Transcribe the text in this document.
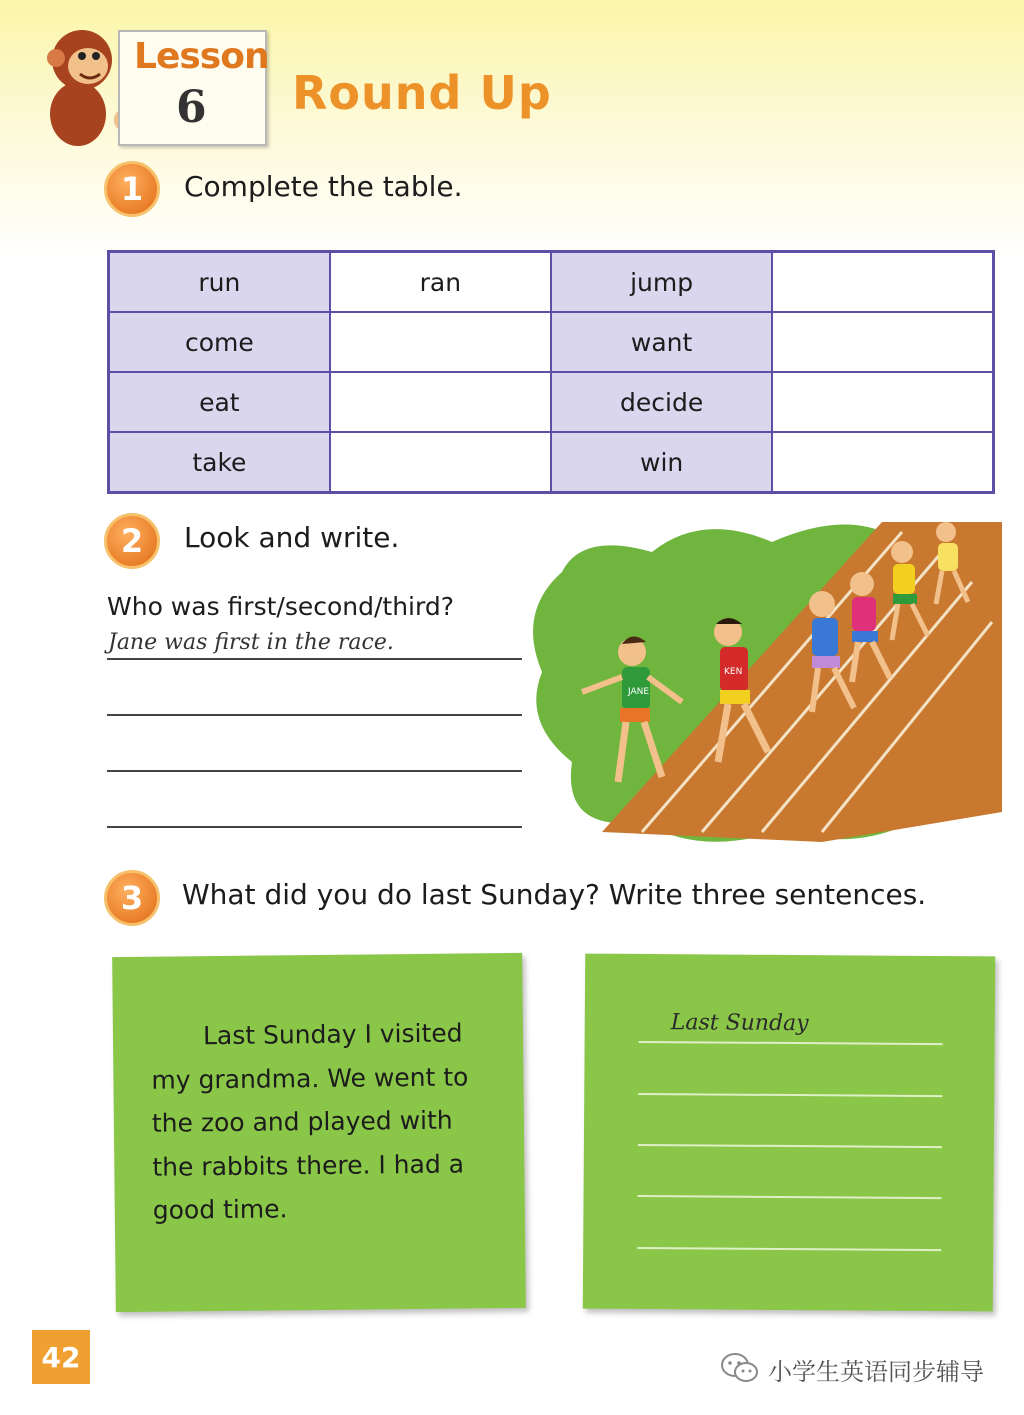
Lesson
6 Round Up
1	Complete the table.
run	ran	jump	
come		want	
eat		decide	
take		win	
2	Look and write.
Who was first/second/third?
Jane was first in the race.
JANE
KEN
3	What did you do last Sunday? Write three sentences.
Last Sunday I visited my grandma. We went to the zoo and played with the rabbits there. I had a good time.
Last Sunday
42	小学生英语同步辅导
